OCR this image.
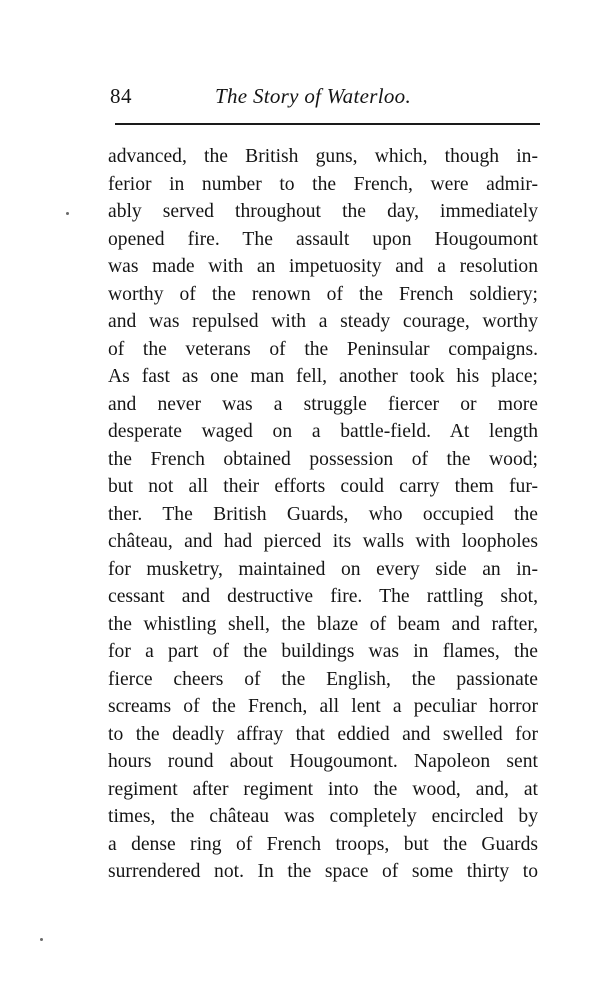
84	The Story of Waterloo.
advanced, the British guns, which, though in-
ferior in number to the French, were admir-
ably served throughout the day, immediately
opened fire. The assault upon Hougoumont
was made with an impetuosity and a resolution
worthy of the renown of the French soldiery;
and was repulsed with a steady courage, worthy
of the veterans of the Peninsular compaigns.
As fast as one man fell, another took his place;
and never was a struggle fiercer or more
desperate waged on a battle-field. At length
the French obtained possession of the wood;
but not all their efforts could carry them fur-
ther. The British Guards, who occupied the
château, and had pierced its walls with loopholes
for musketry, maintained on every side an in-
cessant and destructive fire. The rattling shot,
the whistling shell, the blaze of beam and rafter,
for a part of the buildings was in flames, the
fierce cheers of the English, the passionate
screams of the French, all lent a peculiar horror
to the deadly affray that eddied and swelled for
hours round about Hougoumont. Napoleon sent
regiment after regiment into the wood, and, at
times, the château was completely encircled by
a dense ring of French troops, but the Guards
surrendered not. In the space of some thirty to
